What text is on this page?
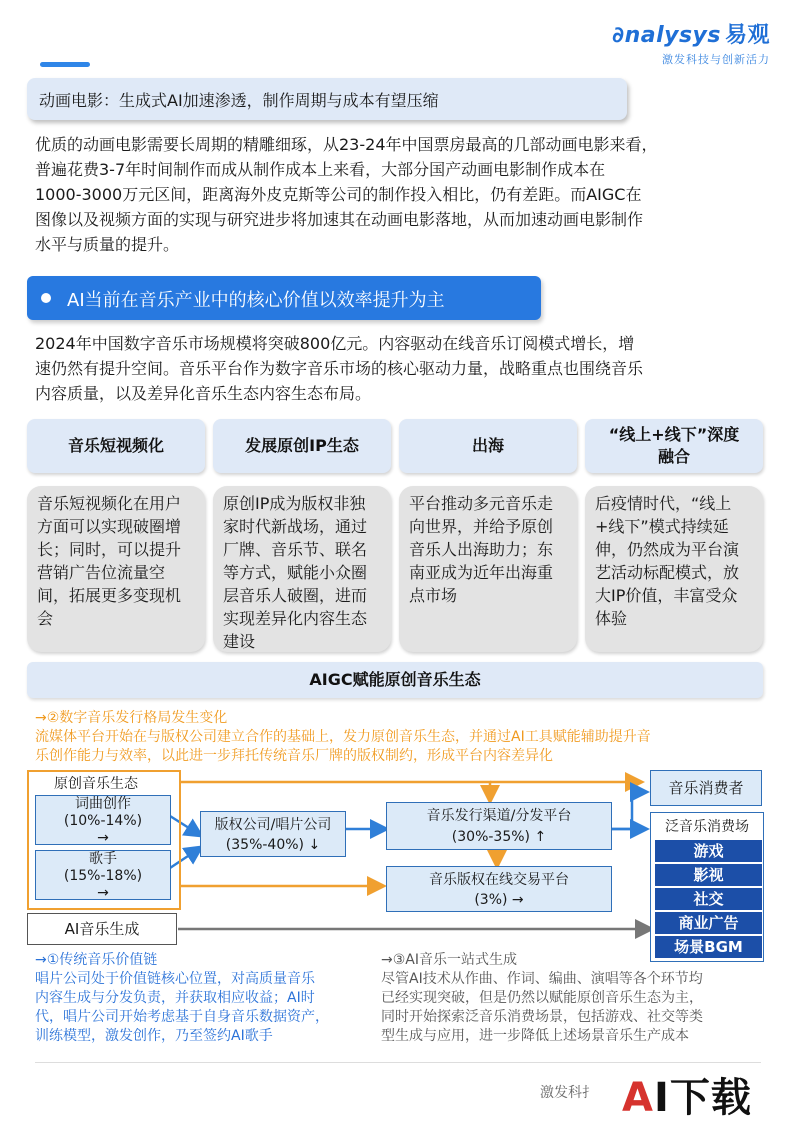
∂nalysys 易观
激发科技与创新活力
动画电影：生成式AI加速渗透，制作周期与成本有望压缩
优质的动画电影需要长周期的精雕细琢，从23-24年中国票房最高的几部动画电影来看，
普遍花费3-7年时间制作而成从制作成本上来看，大部分国产动画电影制作成本在
1000-3000万元区间，距离海外皮克斯等公司的制作投入相比，仍有差距。而AIGC在
图像以及视频方面的实现与研究进步将加速其在动画电影落地，从而加速动画电影制作
水平与质量的提升。
AI当前在音乐产业中的核心价值以效率提升为主
2024年中国数字音乐市场规模将突破800亿元。内容驱动在线音乐订阅模式增长，增
速仍然有提升空间。音乐平台作为数字音乐市场的核心驱动力量，战略重点也围绕音乐
内容质量，以及差异化音乐生态内容生态布局。
音乐短视频化	发展原创IP生态	出海
“线上+线下”深度融合
音乐短视频化在用户方面可以实现破圈增长；同时，可以提升营销广告位流量空间，拓展更多变现机会
原创IP成为版权非独家时代新战场，通过厂牌、音乐节、联名等方式，赋能小众圈层音乐人破圈，进而实现差异化内容生态建设
平台推动多元音乐走向世界，并给予原创音乐人出海助力；东南亚成为近年出海重点市场
后疫情时代，“线上+线下”模式持续延伸，仍然成为平台演艺活动标配模式，放大IP价值，丰富受众体验
AIGC赋能原创音乐生态
→②数字音乐发行格局发生变化
流媒体平台开始在与版权公司建立合作的基础上，发力原创音乐生态，并通过AI工具赋能辅助提升音
乐创作能力与效率，以此进一步拜托传统音乐厂牌的版权制约，形成平台内容差异化
原创音乐生态
词曲创作
(10%-14%)
→
歌手
(15%-18%)
→
版权公司/唱片公司
(35%-40%) ↓
音乐发行渠道/分发平台
(30%-35%) ↑
音乐版权在线交易平台
(3%) →
音乐消费者
泛音乐消费场
游戏
影视
社交
商业广告
场景BGM
AI音乐生成
→①传统音乐价值链
唱片公司处于价值链核心位置，对高质量音乐
内容生成与分发负责，并获取相应收益；AI时
代，唱片公司开始考虑基于自身音乐数据资产，
训练模型，激发创作，乃至签约AI歌手
→③AI音乐一站式生成
尽管AI技术从作曲、作词、编曲、演唱等各个环节均
已经实现突破，但是仍然以赋能原创音乐生态为主，
同时开始探索泛音乐消费场景，包括游戏、社交等类
型生成与应用，进一步降低上述场景音乐生产成本
激发科扌 AI下载
